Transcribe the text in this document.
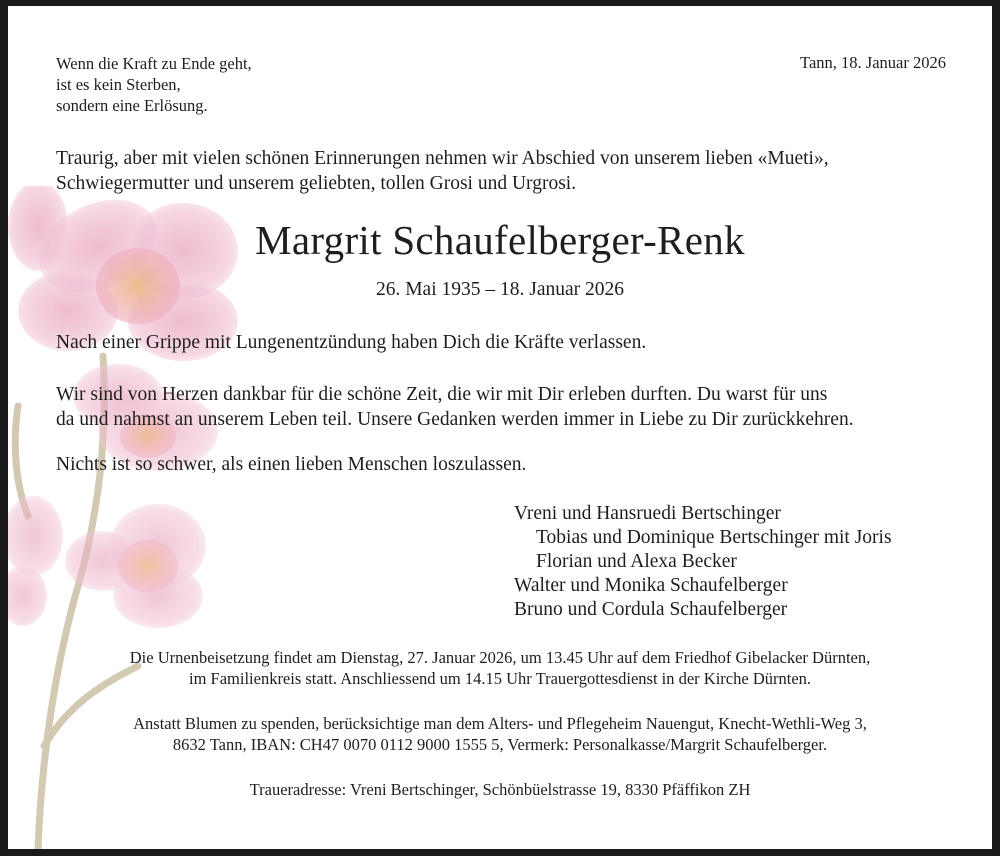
Wenn die Kraft zu Ende geht,
ist es kein Sterben,
sondern eine Erlösung.
Tann, 18. Januar 2026
Traurig, aber mit vielen schönen Erinnerungen nehmen wir Abschied von unserem lieben «Mueti»,
Schwiegermutter und unserem geliebten, tollen Grosi und Urgrosi.
Margrit Schaufelberger-Renk
26. Mai 1935 – 18. Januar 2026
Nach einer Grippe mit Lungenentzündung haben Dich die Kräfte verlassen.
Wir sind von Herzen dankbar für die schöne Zeit, die wir mit Dir erleben durften. Du warst für uns
da und nahmst an unserem Leben teil. Unsere Gedanken werden immer in Liebe zu Dir zurückkehren.
Nichts ist so schwer, als einen lieben Menschen loszulassen.
Vreni und Hansruedi Bertschinger
Tobias und Dominique Bertschinger mit Joris
Florian und Alexa Becker
Walter und Monika Schaufelberger
Bruno und Cordula Schaufelberger
Die Urnenbeisetzung findet am Dienstag, 27. Januar 2026, um 13.45 Uhr auf dem Friedhof Gibelacker Dürnten,
im Familienkreis statt. Anschliessend um 14.15 Uhr Trauergottesdienst in der Kirche Dürnten.
Anstatt Blumen zu spenden, berücksichtige man dem Alters- und Pflegeheim Nauengut, Knecht-Wethli-Weg 3,
8632 Tann, IBAN: CH47 0070 0112 9000 1555 5, Vermerk: Personalkasse/Margrit Schaufelberger.
Traueradresse: Vreni Bertschinger, Schönbüelstrasse 19, 8330 Pfäffikon ZH
